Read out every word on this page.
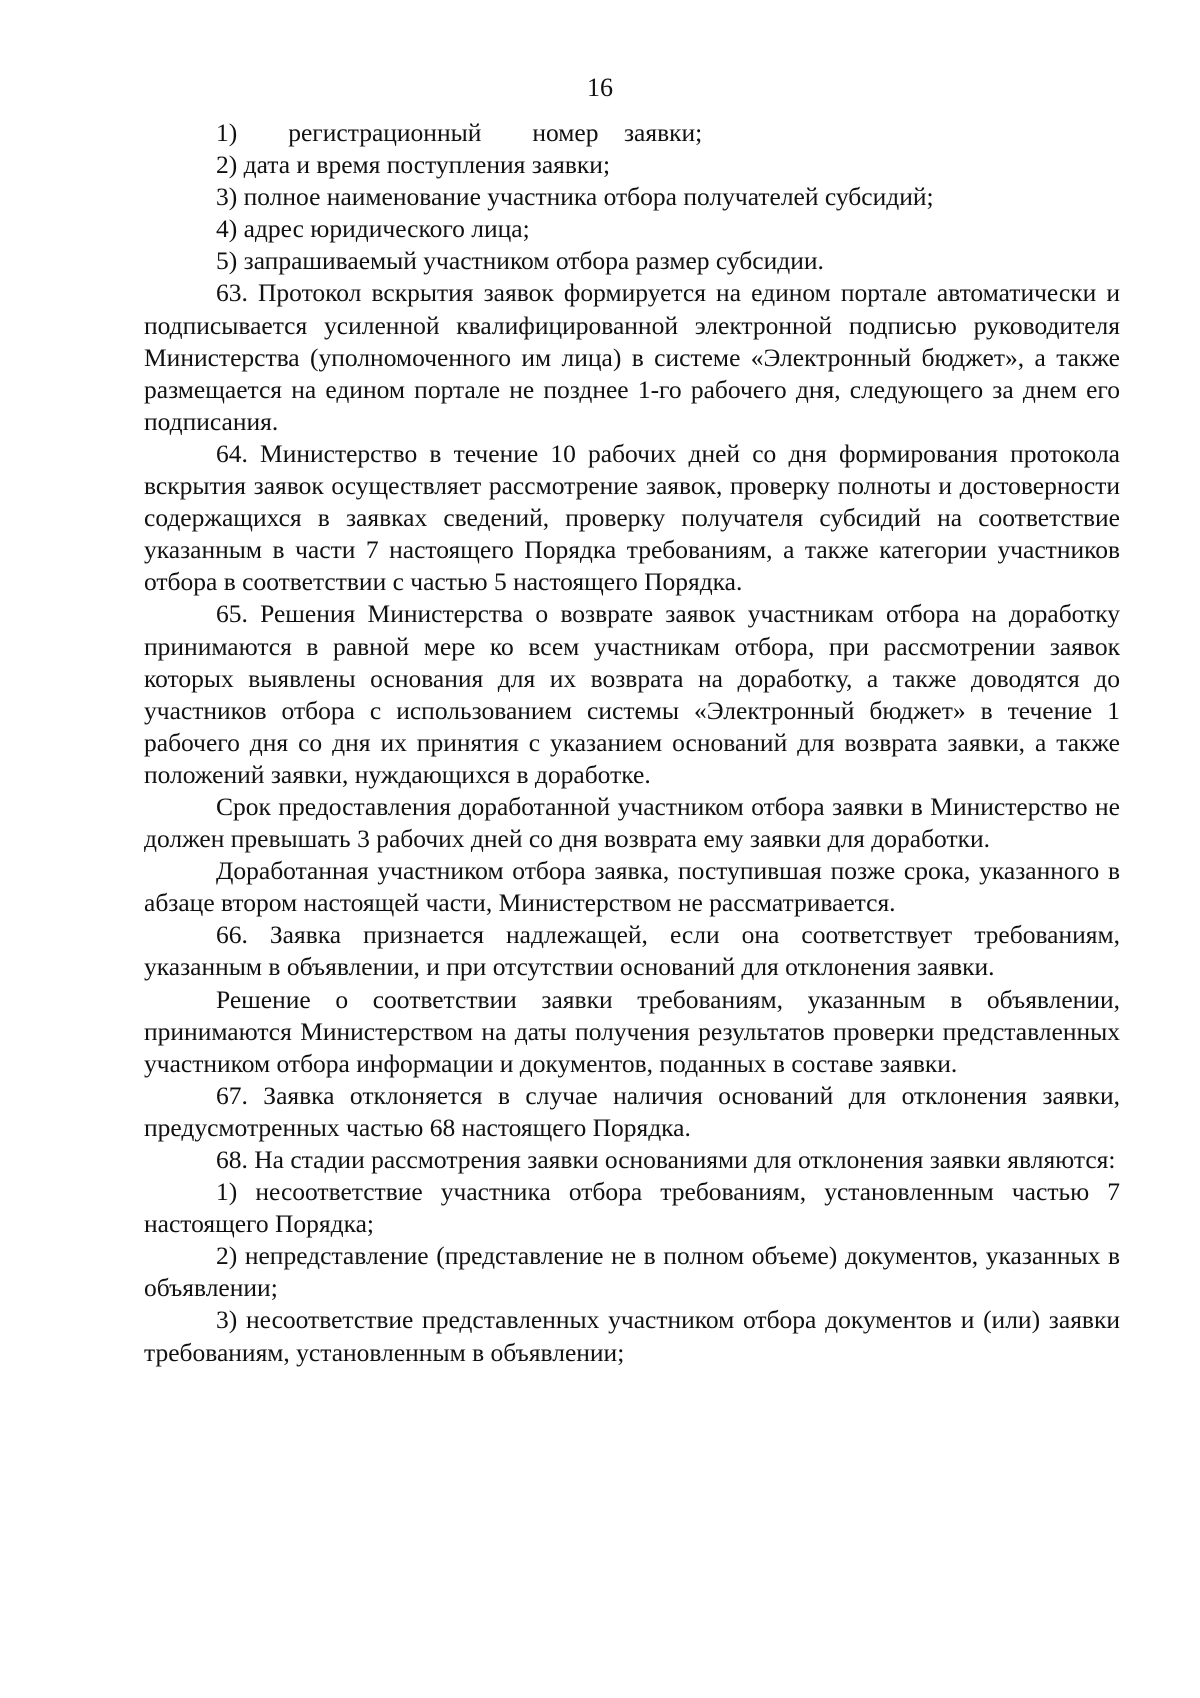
16

1)  регистрационный  номер заявки;

2) дата и время поступления заявки;

3) полное наименование участника отбора получателей субсидий;

4) адрес юридического лица;

5) запрашиваемый участником отбора размер субсидии.

63. Протокол вскрытия заявок формируется на едином портале автоматически и подписывается усиленной квалифицированной электронной подписью руководителя Министерства (уполномоченного им лица) в системе «Электронный бюджет», а также размещается на едином портале не позднее 1-го рабочего дня, следующего за днем его подписания.

64. Министерство в течение 10 рабочих дней со дня формирования протокола вскрытия заявок осуществляет рассмотрение заявок, проверку полноты и достоверности содержащихся в заявках сведений, проверку получателя субсидий на соответствие указанным в части 7 настоящего Порядка требованиям, а также категории участников отбора в соответствии с частью 5 настоящего Порядка.

65. Решения Министерства о возврате заявок участникам отбора на доработку принимаются в равной мере ко всем участникам отбора, при рассмотрении заявок которых выявлены основания для их возврата на доработку, а также доводятся до участников отбора с использованием системы «Электронный бюджет» в течение 1 рабочего дня со дня их принятия с указанием оснований для возврата заявки, а также положений заявки, нуждающихся в доработке.

Срок предоставления доработанной участником отбора заявки в Министерство не должен превышать 3 рабочих дней со дня возврата ему заявки для доработки.

Доработанная участником отбора заявка, поступившая позже срока, указанного в абзаце втором настоящей части, Министерством не рассматривается.

66. Заявка признается надлежащей, если она соответствует требованиям, указанным в объявлении, и при отсутствии оснований для отклонения заявки.

Решение о соответствии заявки требованиям, указанным в объявлении, принимаются Министерством на даты получения результатов проверки представленных участником отбора информации и документов, поданных в составе заявки.

67. Заявка отклоняется в случае наличия оснований для отклонения заявки, предусмотренных частью 68 настоящего Порядка.

68. На стадии рассмотрения заявки основаниями для отклонения заявки являются:

1) несоответствие участника отбора требованиям, установленным частью 7 настоящего Порядка;

2) непредставление (представление не в полном объеме) документов, указанных в объявлении;

3) несоответствие представленных участником отбора документов и (или) заявки требованиям, установленным в объявлении;
